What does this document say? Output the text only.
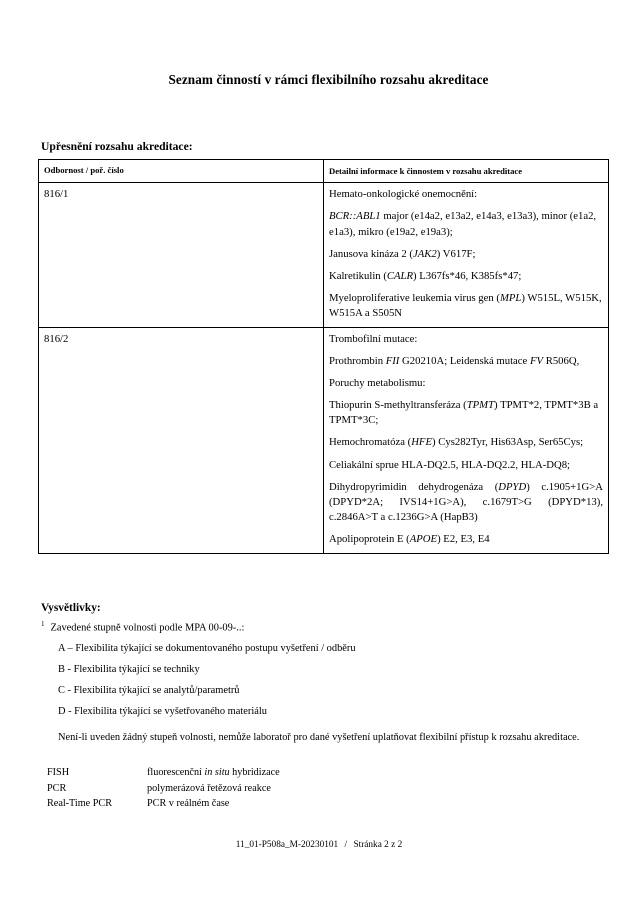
Seznam činností v rámci flexibilního rozsahu akreditace
Upřesnění rozsahu akreditace:
Odbornost / poř. číslo	Detailní informace k činnostem v rozsahu akreditace
816/1	Hemato-onkologické onemocnění:
BCR::ABL1 major (e14a2, e13a2, e14a3, e13a3), minor (e1a2, e1a3), mikro (e19a2, e19a3);
Janusova kináza 2 (JAK2) V617F;
Kalretikulin (CALR) L367fs*46, K385fs*47;
Myeloproliferative leukemia virus gen (MPL) W515L, W515K, W515A a S505N

816/2	Trombofilní mutace:
Prothrombin FII G20210A; Leidenská mutace FV R506Q,
Poruchy metabolismu:
Thiopurin S-methyltransferáza (TPMT) TPMT*2, TPMT*3B a TPMT*3C;
Hemochromatóza (HFE) Cys282Tyr, His63Asp, Ser65Cys;
Celiakální sprue HLA-DQ2.5, HLA-DQ2.2, HLA-DQ8;
Dihydropyrimidin dehydrogenáza (DPYD) c.1905+1G>A (DPYD*2A; IVS14+1G>A), c.1679T>G (DPYD*13), c.2846A>T a c.1236G>A (HapB3)
Apolipoprotein E (APOE) E2, E3, E4
Vysvětlivky:
$^1$ Zavedené stupně volnosti podle MPA 00-09-..:
A – Flexibilita týkající se dokumentovaného postupu vyšetření / odběru
B - Flexibilita týkající se techniky
C - Flexibilita týkající se analytů/parametrů
D - Flexibilita týkající se vyšetřovaného materiálu
Není-li uveden žádný stupeň volnosti, nemůže laboratoř pro dané vyšetření uplatňovat flexibilní přístup k rozsahu akreditace.
FISH	fluorescenční in situ hybridizace
PCR	polymerázová řetězová reakce
Real-Time PCR	PCR v reálném čase
11_01-P508a_M-20230101 / Stránka 2 z 2
